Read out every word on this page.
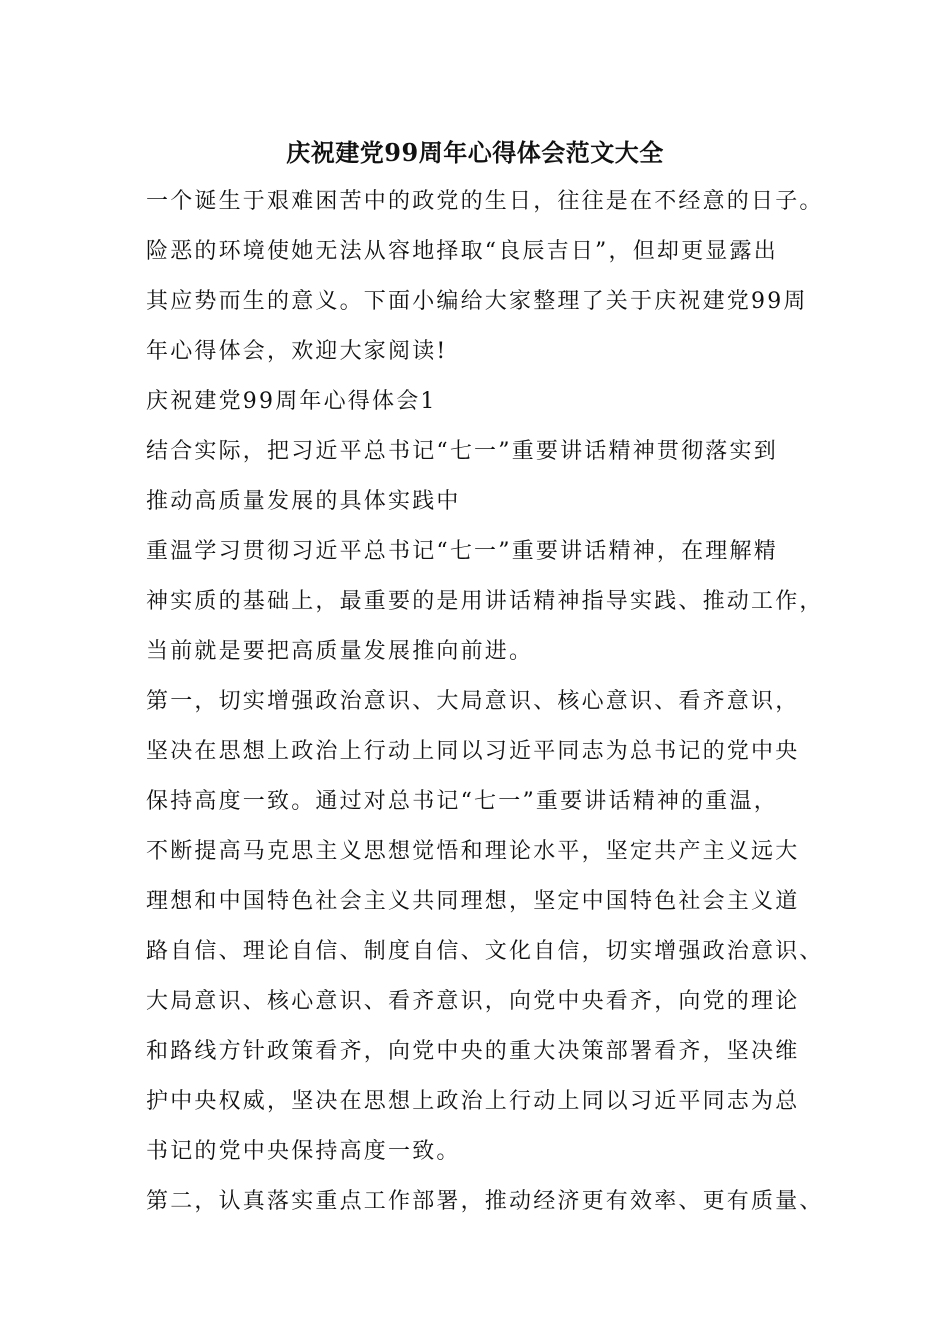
庆祝建党99周年心得体会范文大全
一个诞生于艰难困苦中的政党的生日，往往是在不经意的日子。
险恶的环境使她无法从容地择取“良辰吉日”，但却更显露出
其应势而生的意义。下面小编给大家整理了关于庆祝建党99周
年心得体会，欢迎大家阅读!
庆祝建党99周年心得体会1
结合实际，把习近平总书记“七一”重要讲话精神贯彻落实到
推动高质量发展的具体实践中
重温学习贯彻习近平总书记“七一”重要讲话精神，在理解精
神实质的基础上，最重要的是用讲话精神指导实践、推动工作，
当前就是要把高质量发展推向前进。
第一，切实增强政治意识、大局意识、核心意识、看齐意识，
坚决在思想上政治上行动上同以习近平同志为总书记的党中央
保持高度一致。通过对总书记“七一”重要讲话精神的重温，
不断提高马克思主义思想觉悟和理论水平，坚定共产主义远大
理想和中国特色社会主义共同理想，坚定中国特色社会主义道
路自信、理论自信、制度自信、文化自信，切实增强政治意识、
大局意识、核心意识、看齐意识，向党中央看齐，向党的理论
和路线方针政策看齐，向党中央的重大决策部署看齐，坚决维
护中央权威，坚决在思想上政治上行动上同以习近平同志为总
书记的党中央保持高度一致。
第二，认真落实重点工作部署，推动经济更有效率、更有质量、
